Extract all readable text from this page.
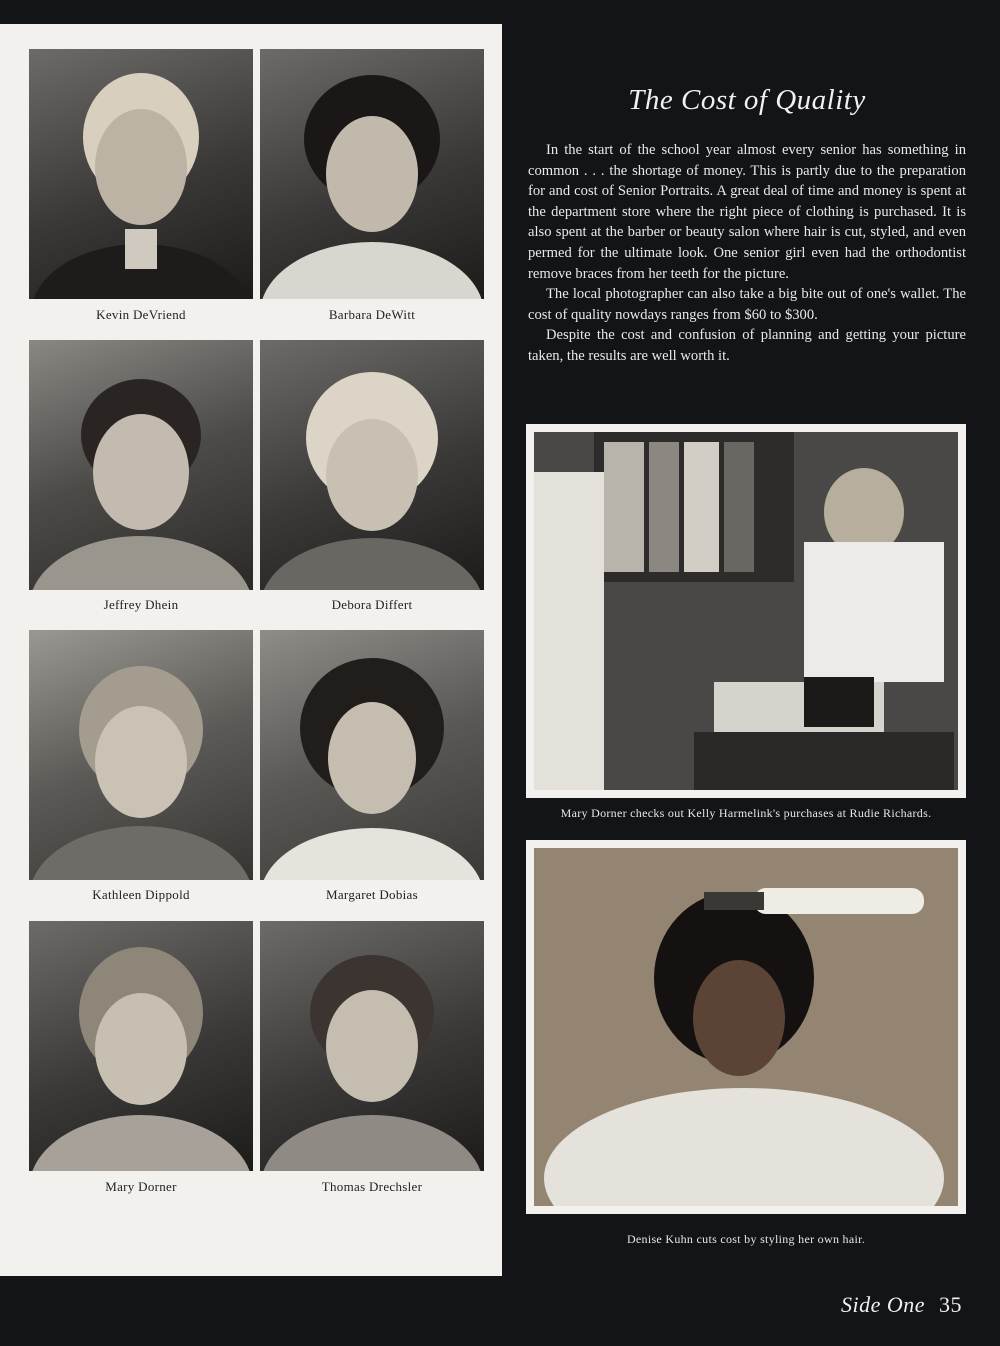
Kevin DeVriend	Barbara DeWitt
Jeffrey Dhein	Debora Differt
Kathleen Dippold	Margaret Dobias
Mary Dorner	Thomas Drechsler
The Cost of Quality

In the start of the school year almost every senior has something in common . . . the shortage of money. This is partly due to the preparation for and cost of Senior Portraits. A great deal of time and money is spent at the department store where the right piece of clothing is purchased. It is also spent at the barber or beauty salon where hair is cut, styled, and even permed for the ultimate look. One senior girl even had the orthodontist remove braces from her teeth for the picture.

The local photographer can also take a big bite out of one's wallet. The cost of quality nowdays ranges from $60 to $300.

Despite the cost and confusion of planning and getting your picture taken, the results are well worth it.

Mary Dorner checks out Kelly Harmelink's purchases at Rudie Richards.
Denise Kuhn cuts cost by styling her own hair.
Side One 35
